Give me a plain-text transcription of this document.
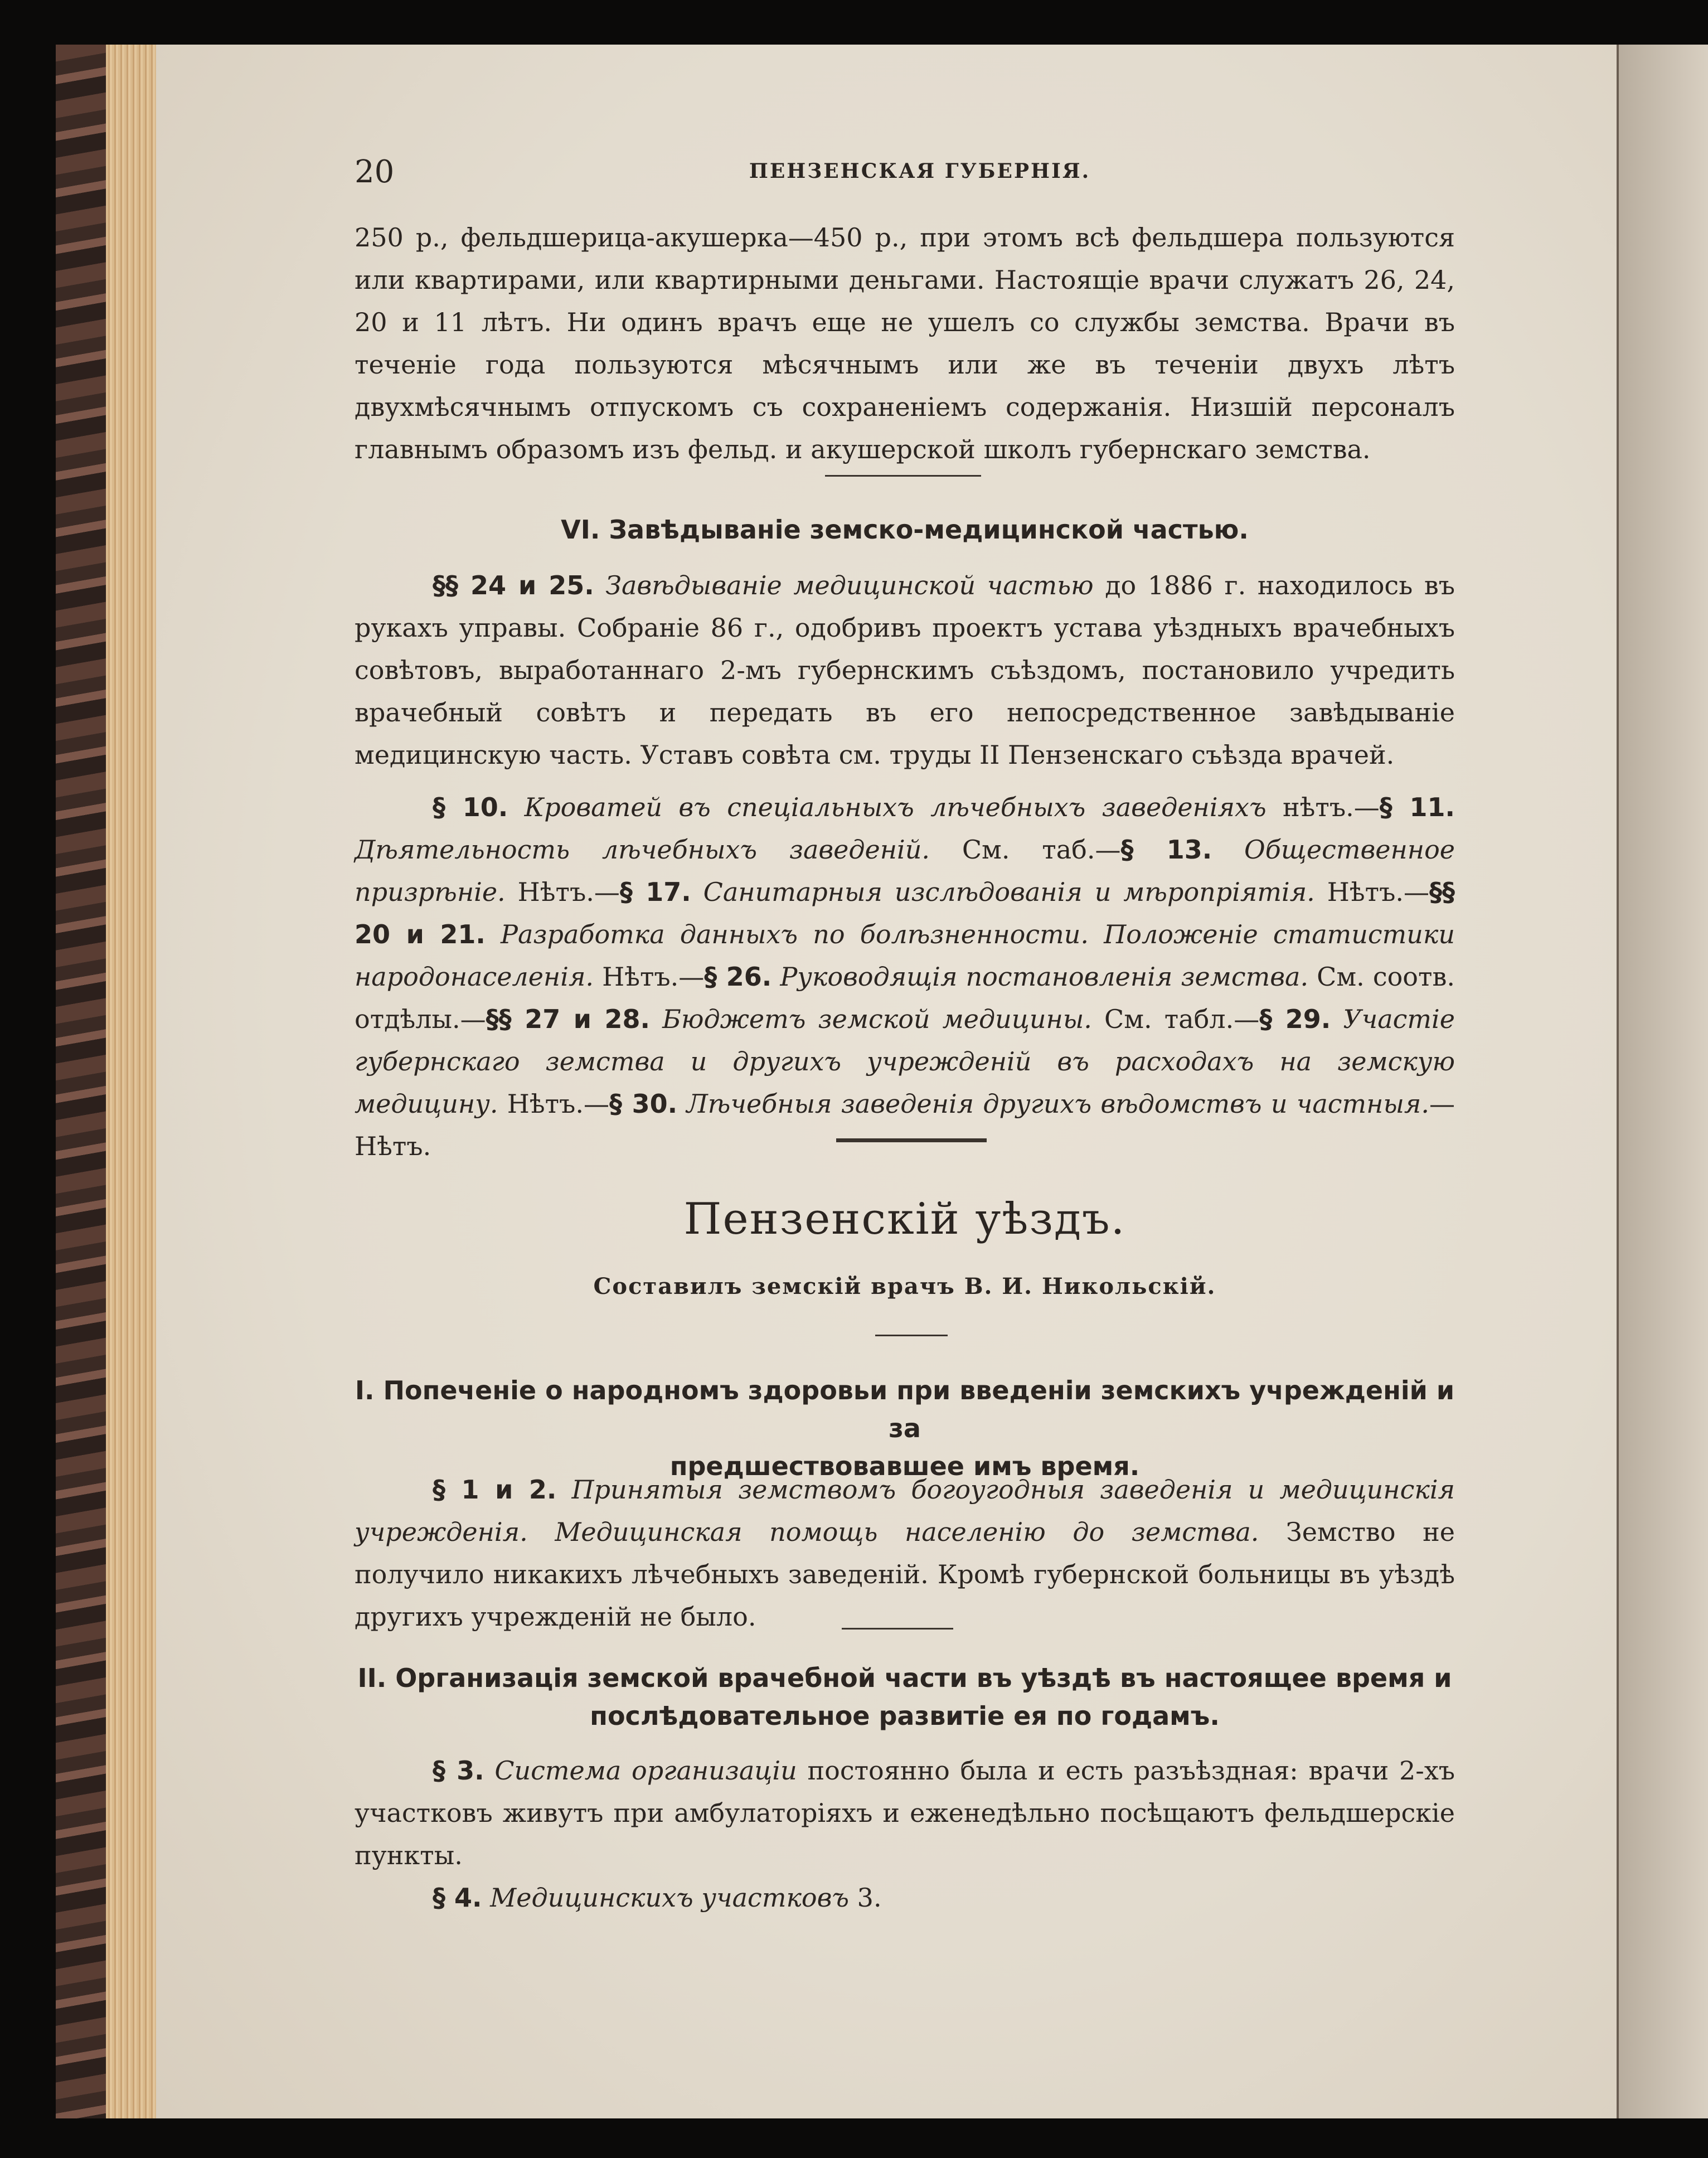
20	ПЕНЗЕНСКАЯ ГУБЕРНІЯ.

250 р., фельдшерица-акушерка—450 р., при этомъ всѣ фельдшера пользуются или квартирами, или квартирными деньгами. Настоящіе врачи служатъ 26, 24, 20 и 11 лѣтъ. Ни одинъ врачъ еще не ушелъ со службы земства. Врачи въ теченіе года пользуются мѣсячнымъ или же въ теченіи двухъ лѣтъ двухмѣсячнымъ отпускомъ съ сохраненіемъ содержанія. Низшій персоналъ главнымъ образомъ изъ фельд. и акушерской школъ губернскаго земства.

VI. Завѣдываніе земско-медицинской частью.

§§ 24 и 25. Завѣдываніе медицинской частью до 1886 г. находилось въ рукахъ управы. Собраніе 86 г., одобривъ проектъ устава уѣздныхъ врачебныхъ совѣтовъ, выработаннаго 2-мъ губернскимъ съѣздомъ, постановило учредить врачебный совѣтъ и передать въ его непосредственное завѣдываніе медицинскую часть. Уставъ совѣта см. труды II Пензенскаго съѣзда врачей.

§ 10. Кроватей въ спеціальныхъ лѣчебныхъ заведеніяхъ нѣтъ.—§ 11. Дѣятельность лѣчебныхъ заведеній. См. таб.—§ 13. Общественное призрѣніе. Нѣтъ.—§ 17. Санитарныя изслѣдованія и мѣропріятія. Нѣтъ.—§§ 20 и 21. Разработка данныхъ по болѣзненности. Положеніе статистики народонаселенія. Нѣтъ.—§ 26. Руководящія постановленія земства. См. соотв. отдѣлы.—§§ 27 и 28. Бюджетъ земской медицины. См. табл.—§ 29. Участіе губернскаго земства и другихъ учрежденій въ расходахъ на земскую медицину. Нѣтъ.—§ 30. Лѣчебныя заведенія другихъ вѣдомствъ и частныя.—Нѣтъ.

Пензенскій уѣздъ.
Составилъ земскій врачъ В. И. Никольскій.
I. Попеченіе о народномъ здоровьи при введеніи земскихъ учрежденій и за
предшествовавшее имъ время.

§ 1 и 2. Принятыя земствомъ богоугодныя заведенія и медицинскія учрежденія. Медицинская помощь населенію до земства. Земство не получило никакихъ лѣчебныхъ заведеній. Кромѣ губернской больницы въ уѣздѣ другихъ учрежденій не было.

II. Организація земской врачебной части въ уѣздѣ въ настоящее время и
послѣдовательное развитіе ея по годамъ.

§ 3. Система организаціи постоянно была и есть разъѣздная: врачи 2-хъ участковъ живутъ при амбулаторіяхъ и еженедѣльно посѣщаютъ фельдшерскіе пункты.

§ 4. Медицинскихъ участковъ 3.
